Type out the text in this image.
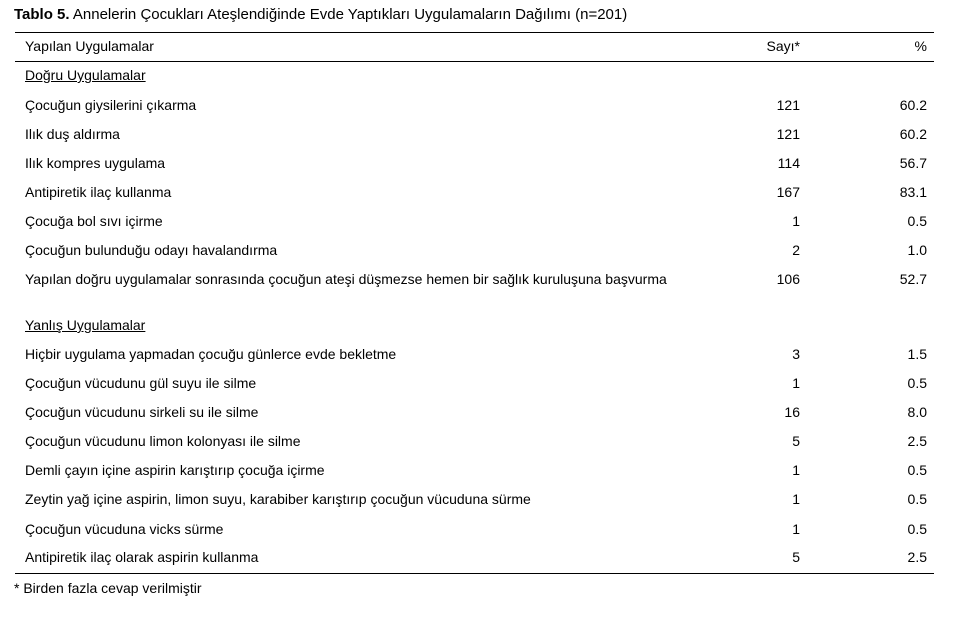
Tablo 5. Annelerin Çocukları Ateşlendiğinde Evde Yaptıkları Uygulamaların Dağılımı (n=201)
Yapılan Uygulamalar	Sayı*	%
Doğru Uygulamalar
Çocuğun giysilerini çıkarma	121	60.2
Ilık duş aldırma	121	60.2
Ilık kompres uygulama	114	56.7
Antipiretik ilaç kullanma	167	83.1
Çocuğa bol sıvı içirme	1	0.5
Çocuğun bulunduğu odayı havalandırma	2	1.0
Yapılan doğru uygulamalar sonrasında çocuğun ateşi düşmezse hemen bir sağlık kuruluşuna başvurma	106	52.7
Yanlış Uygulamalar
Hiçbir uygulama yapmadan çocuğu günlerce evde bekletme	3	1.5
Çocuğun vücudunu gül suyu ile silme	1	0.5
Çocuğun vücudunu sirkeli su ile silme	16	8.0
Çocuğun vücudunu limon kolonyası ile silme	5	2.5
Demli çayın içine aspirin karıştırıp çocuğa içirme	1	0.5
Zeytin yağ içine aspirin, limon suyu, karabiber karıştırıp çocuğun vücuduna sürme	1	0.5
Çocuğun vücuduna vicks sürme	1	0.5
Antipiretik ilaç olarak aspirin kullanma	5	2.5
* Birden fazla cevap verilmiştir
